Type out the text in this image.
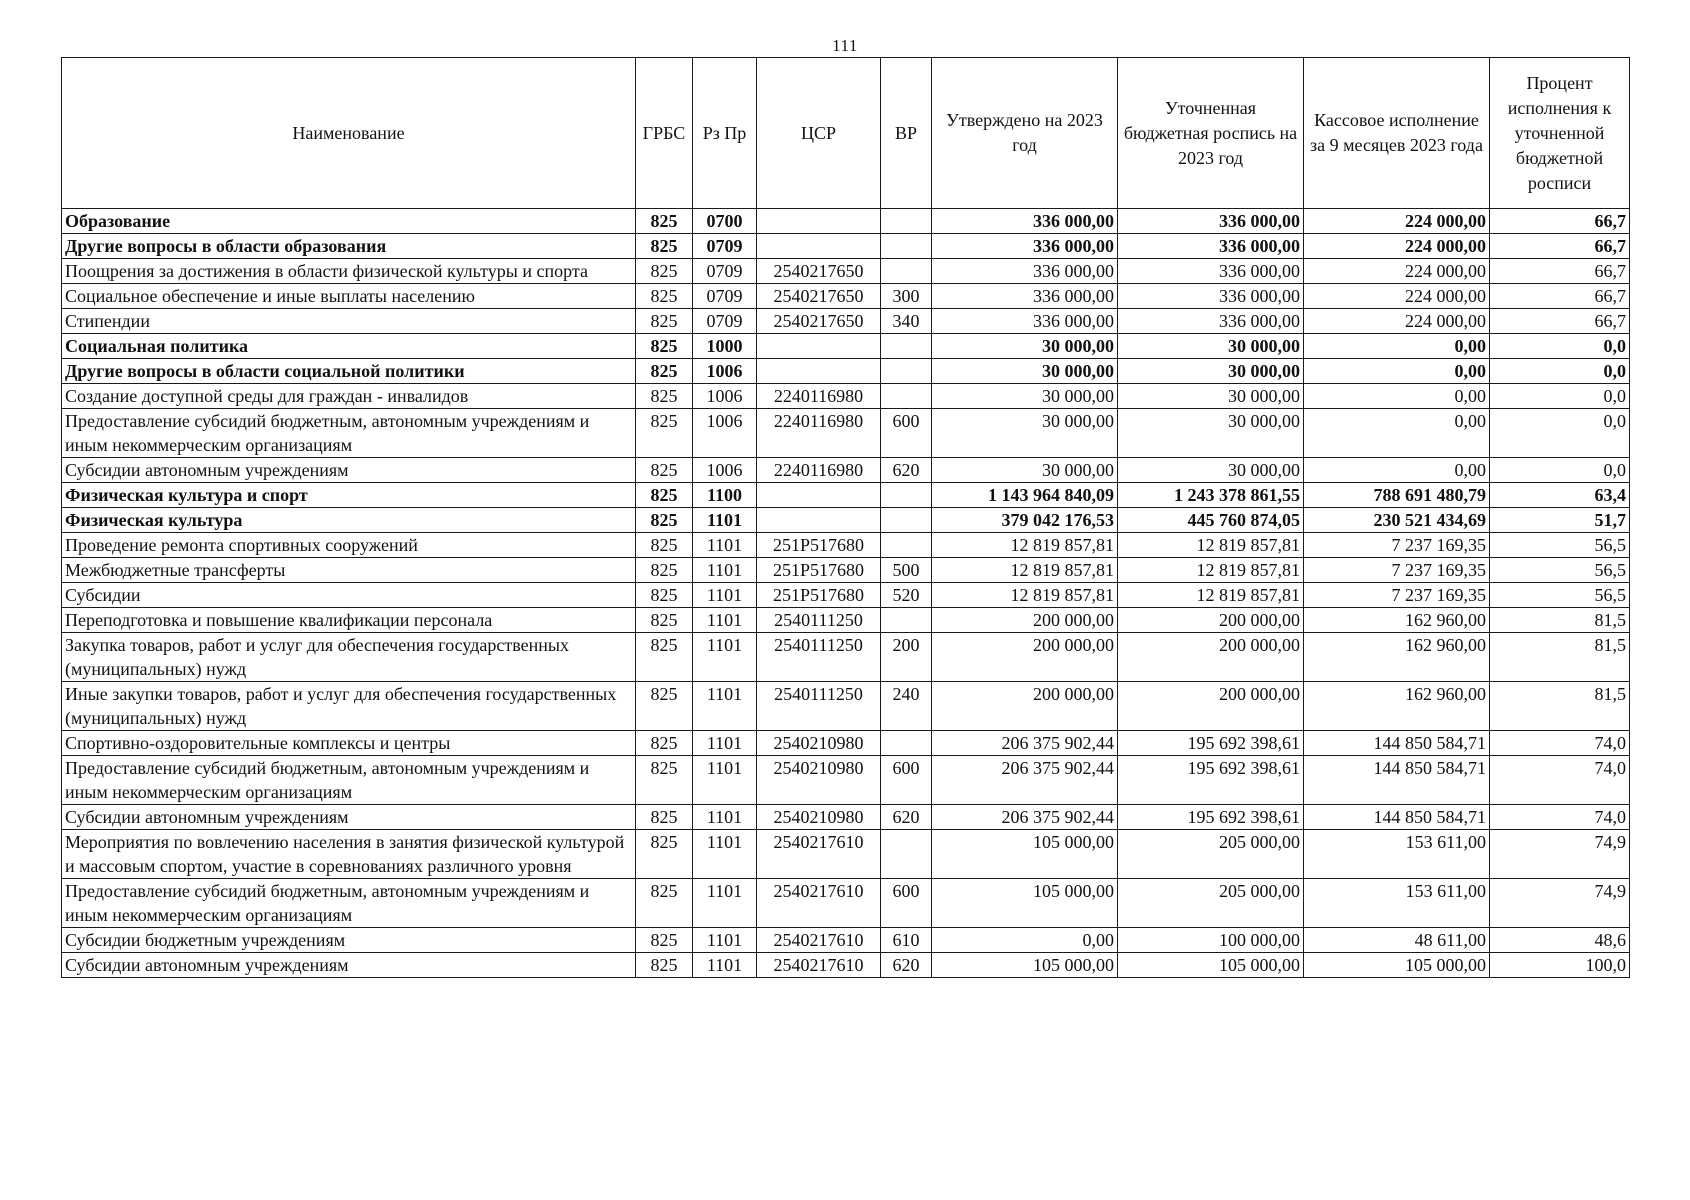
111
Наименование	ГРБС	Рз Пр	ЦСР	ВР	Утверждено на 2023 год	Уточненная бюджетная роспись на 2023 год	Кассовое исполнение за 9 месяцев 2023 года	Процент исполнения к уточненной бюджетной росписи
Образование	825	0700			336 000,00	336 000,00	224 000,00	66,7
Другие вопросы в области образования	825	0709			336 000,00	336 000,00	224 000,00	66,7
Поощрения за достижения в области физической культуры и спорта	825	0709	2540217650		336 000,00	336 000,00	224 000,00	66,7
Социальное обеспечение и иные выплаты населению	825	0709	2540217650	300	336 000,00	336 000,00	224 000,00	66,7
Стипендии	825	0709	2540217650	340	336 000,00	336 000,00	224 000,00	66,7
Социальная политика	825	1000			30 000,00	30 000,00	0,00	0,0
Другие вопросы в области социальной политики	825	1006			30 000,00	30 000,00	0,00	0,0
Создание доступной среды для граждан - инвалидов	825	1006	2240116980		30 000,00	30 000,00	0,00	0,0
Предоставление субсидий бюджетным, автономным учреждениям и иным некоммерческим организациям	825	1006	2240116980	600	30 000,00	30 000,00	0,00	0,0
Субсидии автономным учреждениям	825	1006	2240116980	620	30 000,00	30 000,00	0,00	0,0
Физическая культура и спорт	825	1100			1 143 964 840,09	1 243 378 861,55	788 691 480,79	63,4
Физическая культура	825	1101			379 042 176,53	445 760 874,05	230 521 434,69	51,7
Проведение ремонта спортивных сооружений	825	1101	251P517680		12 819 857,81	12 819 857,81	7 237 169,35	56,5
Межбюджетные трансферты	825	1101	251P517680	500	12 819 857,81	12 819 857,81	7 237 169,35	56,5
Субсидии	825	1101	251P517680	520	12 819 857,81	12 819 857,81	7 237 169,35	56,5
Переподготовка и повышение квалификации персонала	825	1101	2540111250		200 000,00	200 000,00	162 960,00	81,5
Закупка товаров, работ и услуг для обеспечения государственных (муниципальных) нужд	825	1101	2540111250	200	200 000,00	200 000,00	162 960,00	81,5
Иные закупки товаров, работ и услуг для обеспечения государственных (муниципальных) нужд	825	1101	2540111250	240	200 000,00	200 000,00	162 960,00	81,5
Спортивно-оздоровительные комплексы и центры	825	1101	2540210980		206 375 902,44	195 692 398,61	144 850 584,71	74,0
Предоставление субсидий бюджетным, автономным учреждениям и иным некоммерческим организациям	825	1101	2540210980	600	206 375 902,44	195 692 398,61	144 850 584,71	74,0
Субсидии автономным учреждениям	825	1101	2540210980	620	206 375 902,44	195 692 398,61	144 850 584,71	74,0
Мероприятия по вовлечению населения в занятия физической культурой и массовым спортом, участие в соревнованиях различного уровня	825	1101	2540217610		105 000,00	205 000,00	153 611,00	74,9
Предоставление субсидий бюджетным, автономным учреждениям и иным некоммерческим организациям	825	1101	2540217610	600	105 000,00	205 000,00	153 611,00	74,9
Субсидии бюджетным учреждениям	825	1101	2540217610	610	0,00	100 000,00	48 611,00	48,6
Субсидии автономным учреждениям	825	1101	2540217610	620	105 000,00	105 000,00	105 000,00	100,0
